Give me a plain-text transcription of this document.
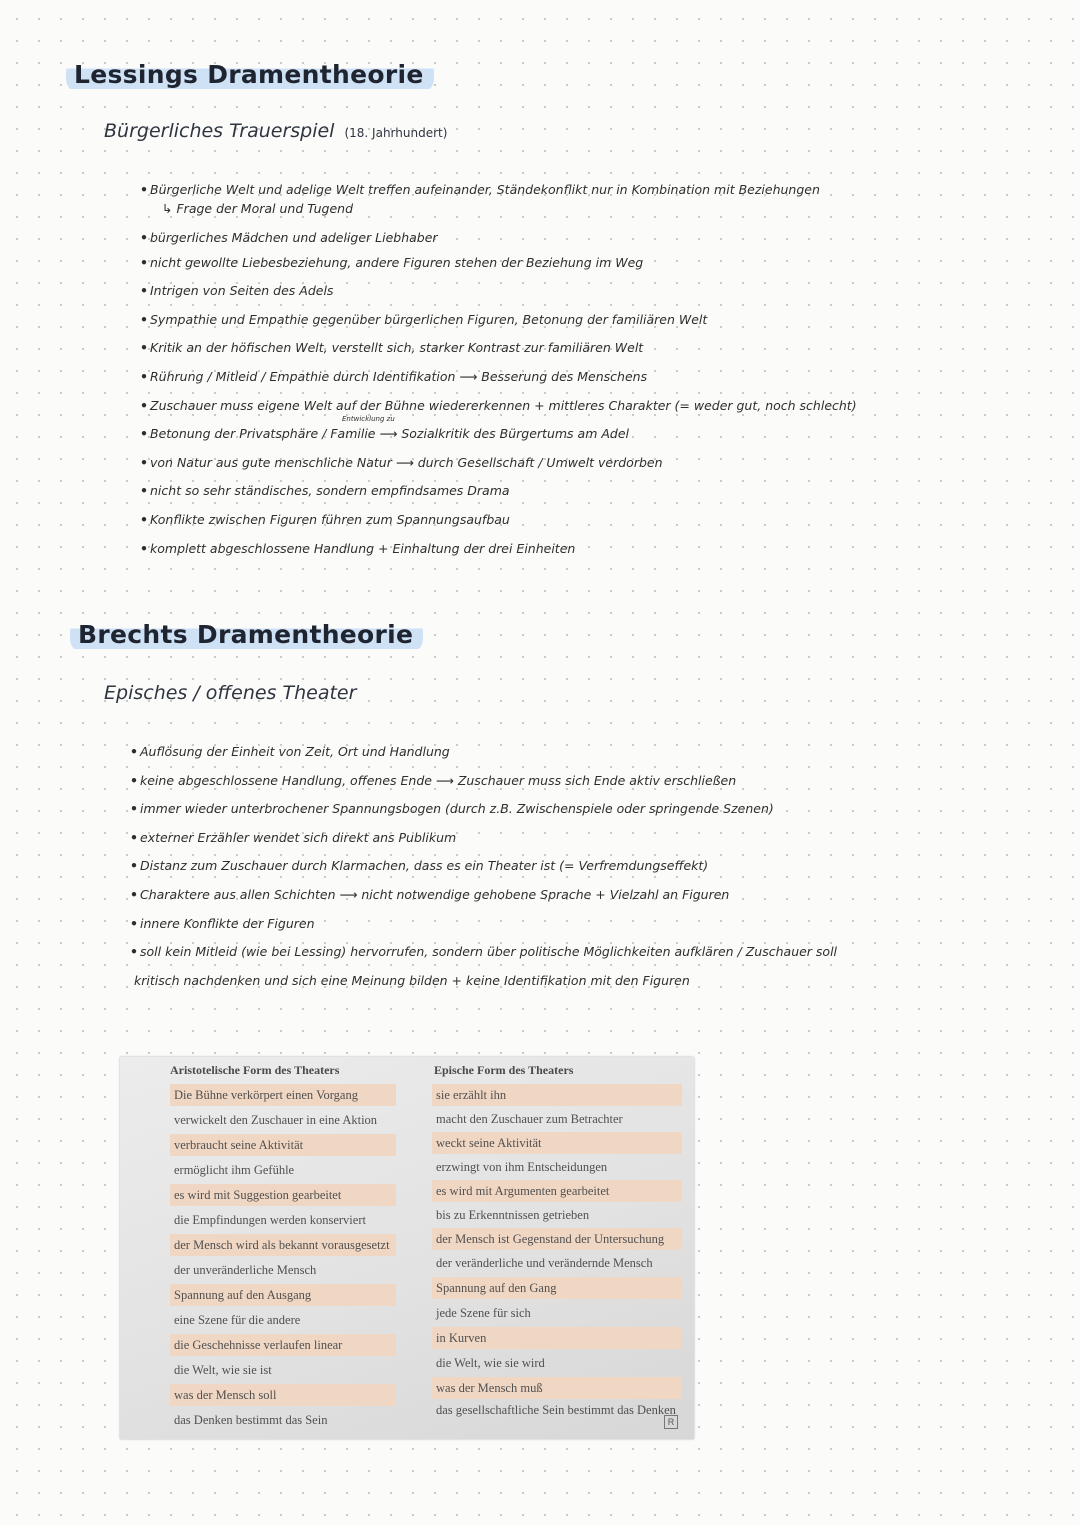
Lessings Dramentheorie
Bürgerliches Trauerspiel (18. Jahrhundert)
• Bürgerliche Welt und adelige Welt treffen aufeinander, Ständekonflikt nur in Kombination mit Beziehungen
↳ Frage der Moral und Tugend
• bürgerliches Mädchen und adeliger Liebhaber
• nicht gewollte Liebesbeziehung, andere Figuren stehen der Beziehung im Weg
• Intrigen von Seiten des Adels
• Sympathie und Empathie gegenüber bürgerlichen Figuren, Betonung der familiären Welt
• Kritik an der höfischen Welt, verstellt sich, starker Kontrast zur familiären Welt
• Rührung / Mitleid / Empathie durch Identifikation ⟶ Besserung des Menschens
• Zuschauer muss eigene Welt auf der Bühne wiedererkennen + mittleres Charakter (= weder gut, noch schlecht)
• Betonung der Privatsphäre / Familie ⟶ Sozialkritik des Bürgertums am Adel
Entwicklung zu
• von Natur aus gute menschliche Natur ⟶ durch Gesellschaft / Umwelt verdorben
• nicht so sehr ständisches, sondern empfindsames Drama
• Konflikte zwischen Figuren führen zum Spannungsaufbau
• komplett abgeschlossene Handlung + Einhaltung der drei Einheiten
Brechts Dramentheorie
Episches / offenes Theater
• Auflösung der Einheit von Zeit, Ort und Handlung
• keine abgeschlossene Handlung, offenes Ende ⟶ Zuschauer muss sich Ende aktiv erschließen
• immer wieder unterbrochener Spannungsbogen (durch z.B. Zwischenspiele oder springende Szenen)
• externer Erzähler wendet sich direkt ans Publikum
• Distanz zum Zuschauer durch Klarmachen, dass es ein Theater ist (= Verfremdungseffekt)
• Charaktere aus allen Schichten ⟶ nicht notwendige gehobene Sprache + Vielzahl an Figuren
• innere Konflikte der Figuren
• soll kein Mitleid (wie bei Lessing) hervorrufen, sondern über politische Möglichkeiten aufklären / Zuschauer soll
kritisch nachdenken und sich eine Meinung bilden + keine Identifikation mit den Figuren
Aristotelische Form des Theaters	Epische Form des Theaters
Die Bühne verkörpert einen Vorgang
verwickelt den Zuschauer in eine Aktion
verbraucht seine Aktivität
ermöglicht ihm Gefühle
es wird mit Suggestion gearbeitet
die Empfindungen werden konserviert
der Mensch wird als bekannt vorausgesetzt
der unveränderliche Mensch
Spannung auf den Ausgang
eine Szene für die andere
die Geschehnisse verlaufen linear
die Welt, wie sie ist
was der Mensch soll
das Denken bestimmt das Sein
sie erzählt ihn
macht den Zuschauer zum Betrachter
weckt seine Aktivität
erzwingt von ihm Entscheidungen
es wird mit Argumenten gearbeitet
bis zu Erkenntnissen getrieben
der Mensch ist Gegenstand der Untersuchung
der veränderliche und verändernde Mensch
Spannung auf den Gang
jede Szene für sich
in Kurven
die Welt, wie sie wird
was der Mensch muß
das gesellschaftliche Sein bestimmt das Denken
R
